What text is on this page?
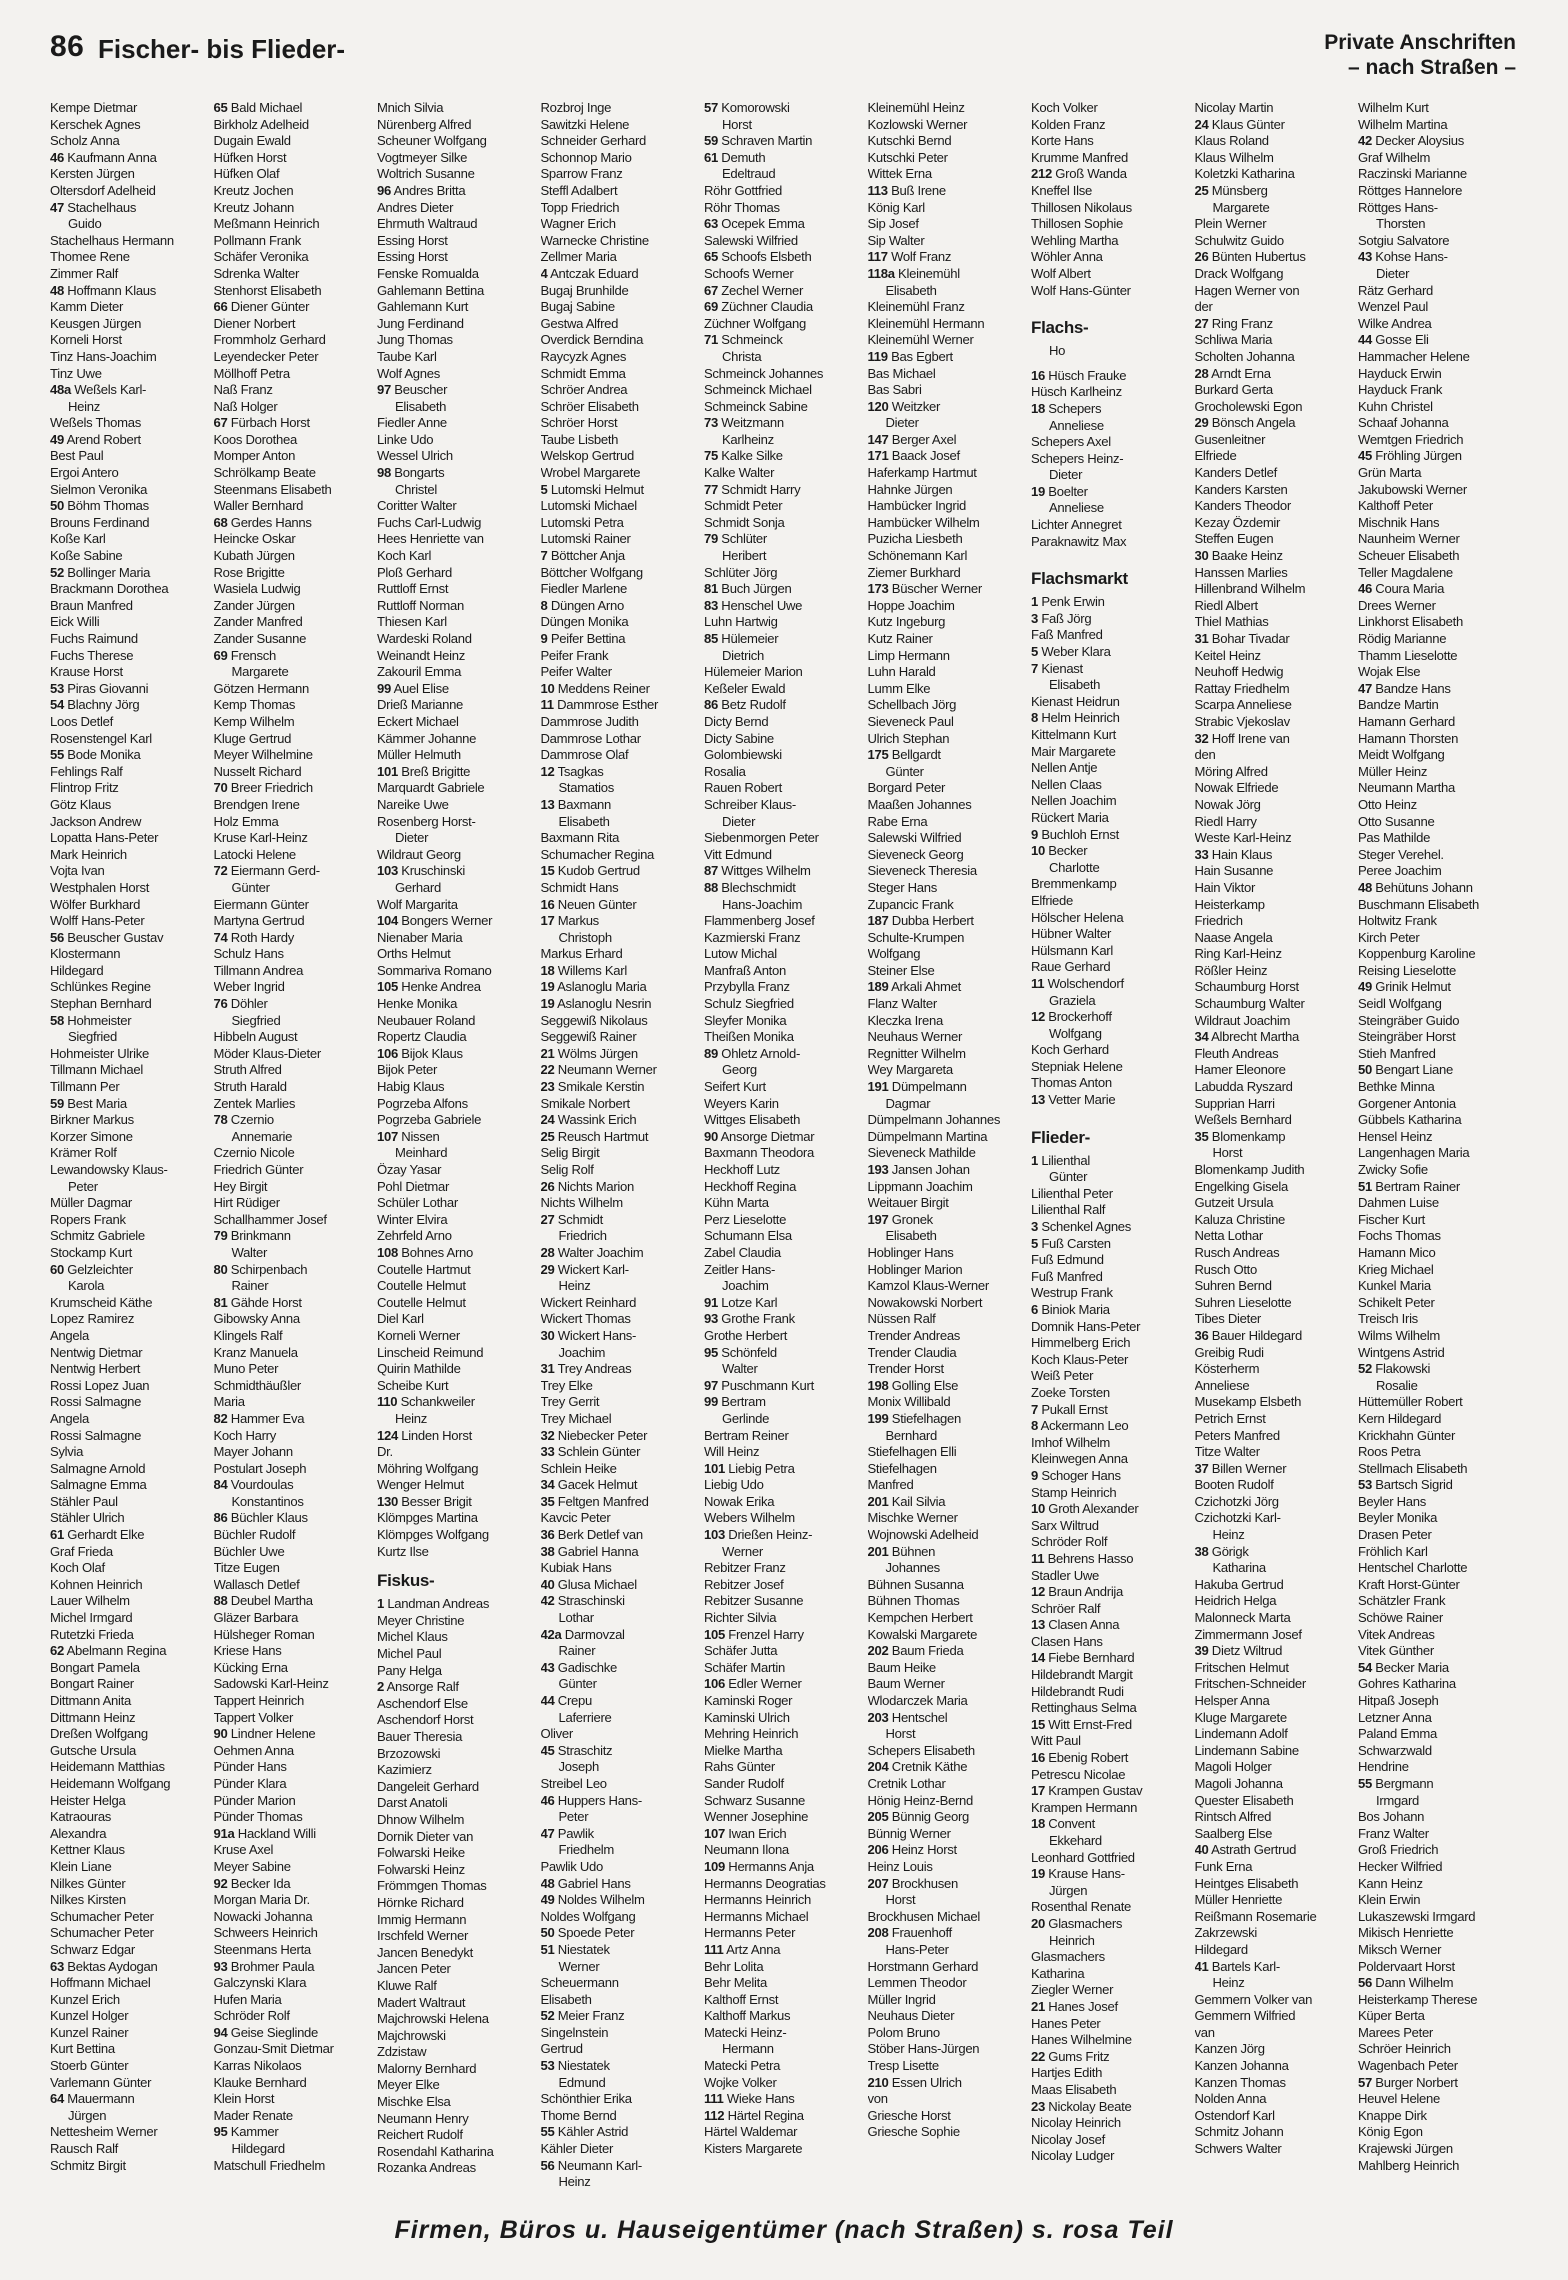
86 Fischer- bis Flieder-	Private Anschriften
– nach Straßen –
Kempe Dietmar
Kerschek Agnes
Scholz Anna
46 Kaufmann Anna
Kersten Jürgen
Oltersdorf Adelheid
47 Stachelhaus
Guido
Stachelhaus Hermann
Thomee Rene
Zimmer Ralf
48 Hoffmann Klaus
Kamm Dieter
Keusgen Jürgen
Korneli Horst
Tinz Hans-Joachim
Tinz Uwe
48a Weßels Karl-
Heinz
Weßels Thomas
49 Arend Robert
Best Paul
Ergoi Antero
Sielmon Veronika
50 Böhm Thomas
Brouns Ferdinand
Koße Karl
Koße Sabine
52 Bollinger Maria
Brackmann Dorothea
Braun Manfred
Eick Willi
Fuchs Raimund
Fuchs Therese
Krause Horst
53 Piras Giovanni
54 Blachny Jörg
Loos Detlef
Rosenstengel Karl
55 Bode Monika
Fehlings Ralf
Flintrop Fritz
Götz Klaus
Jackson Andrew
Lopatta Hans-Peter
Mark Heinrich
Vojta Ivan
Westphalen Horst
Wölfer Burkhard
Wolff Hans-Peter
56 Beuscher Gustav
Klostermann
Hildegard
Schlünkes Regine
Stephan Bernhard
58 Hohmeister
Siegfried
Hohmeister Ulrike
Tillmann Michael
Tillmann Per
59 Best Maria
Birkner Markus
Korzer Simone
Krämer Rolf
Lewandowsky Klaus-
Peter
Müller Dagmar
Ropers Frank
Schmitz Gabriele
Stockamp Kurt
60 Gelzleichter
Karola
Krumscheid Käthe
Lopez Ramirez
Angela
Nentwig Dietmar
Nentwig Herbert
Rossi Lopez Juan
Rossi Salmagne
Angela
Rossi Salmagne
Sylvia
Salmagne Arnold
Salmagne Emma
Stähler Paul
Stähler Ulrich
61 Gerhardt Elke
Graf Frieda
Koch Olaf
Kohnen Heinrich
Lauer Wilhelm
Michel Irmgard
Rutetzki Frieda
62 Abelmann Regina
Bongart Pamela
Bongart Rainer
Dittmann Anita
Dittmann Heinz
Dreßen Wolfgang
Gutsche Ursula
Heidemann Matthias
Heidemann Wolfgang
Heister Helga
Katraouras
Alexandra
Kettner Klaus
Klein Liane
Nilkes Günter
Nilkes Kirsten
Schumacher Peter
Schumacher Peter
Schwarz Edgar
63 Bektas Aydogan
Hoffmann Michael
Kunzel Erich
Kunzel Holger
Kunzel Rainer
Kurt Bettina
Stoerb Günter
Varlemann Günter
64 Mauermann
Jürgen
Nettesheim Werner
Rausch Ralf
Schmitz Birgit
65 Bald Michael
Birkholz Adelheid
Dugain Ewald
Hüfken Horst
Hüfken Olaf
Kreutz Jochen
Kreutz Johann
Meßmann Heinrich
Pollmann Frank
Schäfer Veronika
Sdrenka Walter
Stenhorst Elisabeth
66 Diener Günter
Diener Norbert
Frommholz Gerhard
Leyendecker Peter
Möllhoff Petra
Naß Franz
Naß Holger
67 Fürbach Horst
Koos Dorothea
Momper Anton
Schrölkamp Beate
Steenmans Elisabeth
Waller Bernhard
68 Gerdes Hanns
Heincke Oskar
Kubath Jürgen
Rose Brigitte
Wasiela Ludwig
Zander Jürgen
Zander Manfred
Zander Susanne
69 Frensch
Margarete
Götzen Hermann
Kemp Thomas
Kemp Wilhelm
Kluge Gertrud
Meyer Wilhelmine
Nusselt Richard
70 Breer Friedrich
Brendgen Irene
Holz Emma
Kruse Karl-Heinz
Latocki Helene
72 Eiermann Gerd-
Günter
Eiermann Günter
Martyna Gertrud
74 Roth Hardy
Schulz Hans
Tillmann Andrea
Weber Ingrid
76 Döhler
Siegfried
Hibbeln August
Möder Klaus-Dieter
Struth Alfred
Struth Harald
Zentek Marlies
78 Czernio
Annemarie
Czernio Nicole
Friedrich Günter
Hey Birgit
Hirt Rüdiger
Schallhammer Josef
79 Brinkmann
Walter
80 Schirpenbach
Rainer
81 Gähde Horst
Gibowsky Anna
Klingels Ralf
Kranz Manuela
Muno Peter
Schmidthäußler
Maria
82 Hammer Eva
Koch Harry
Mayer Johann
Postulart Joseph
84 Vourdoulas
Konstantinos
86 Büchler Klaus
Büchler Rudolf
Büchler Uwe
Titze Eugen
Wallasch Detlef
88 Deubel Martha
Gläzer Barbara
Hülsheger Roman
Kriese Hans
Kücking Erna
Sadowski Karl-Heinz
Tappert Heinrich
Tappert Volker
90 Lindner Helene
Oehmen Anna
Pünder Hans
Pünder Klara
Pünder Marion
Pünder Thomas
91a Hackland Willi
Kruse Axel
Meyer Sabine
92 Becker Ida
Morgan Maria Dr.
Nowacki Johanna
Schweers Heinrich
Steenmans Herta
93 Brohmer Paula
Galczynski Klara
Hufen Maria
Schröder Rolf
94 Geise Sieglinde
Gonzau-Smit Dietmar
Karras Nikolaos
Klauke Bernhard
Klein Horst
Mader Renate
95 Kammer
Hildegard
Matschull Friedhelm
Mnich Silvia
Nürenberg Alfred
Scheuner Wolfgang
Vogtmeyer Silke
Woltrich Susanne
96 Andres Britta
Andres Dieter
Ehrmuth Waltraud
Essing Horst
Essing Horst
Fenske Romualda
Gahlemann Bettina
Gahlemann Kurt
Jung Ferdinand
Jung Thomas
Taube Karl
Wolf Agnes
97 Beuscher
Elisabeth
Fiedler Anne
Linke Udo
Wessel Ulrich
98 Bongarts
Christel
Coritter Walter
Fuchs Carl-Ludwig
Hees Henriette van
Koch Karl
Ploß Gerhard
Ruttloff Ernst
Ruttloff Norman
Thiesen Karl
Wardeski Roland
Weinandt Heinz
Zakouril Emma
99 Auel Elise
Drieß Marianne
Eckert Michael
Kämmer Johanne
Müller Helmuth
101 Breß Brigitte
Marquardt Gabriele
Nareike Uwe
Rosenberg Horst-
Dieter
Wildraut Georg
103 Kruschinski
Gerhard
Wolf Margarita
104 Bongers Werner
Nienaber Maria
Orths Helmut
Sommariva Romano
105 Henke Andrea
Henke Monika
Neubauer Roland
Ropertz Claudia
106 Bijok Klaus
Bijok Peter
Habig Klaus
Pogrzeba Alfons
Pogrzeba Gabriele
107 Nissen
Meinhard
Özay Yasar
Pohl Dietmar
Schüler Lothar
Winter Elvira
Zehrfeld Arno
108 Bohnes Arno
Coutelle Hartmut
Coutelle Helmut
Coutelle Helmut
Diel Karl
Korneli Werner
Linscheid Reimund
Quirin Mathilde
Scheibe Kurt
110 Schankweiler
Heinz
124 Linden Horst
Dr.
Möhring Wolfgang
Wenger Helmut
130 Besser Brigit
Klömpges Martina
Klömpges Wolfgang
Kurtz Ilse
Fiskus-
1 Landman Andreas
Meyer Christine
Michel Klaus
Michel Paul
Pany Helga
2 Ansorge Ralf
Aschendorf Else
Aschendorf Horst
Bauer Theresia
Brzozowski
Kazimierz
Dangeleit Gerhard
Darst Anatoli
Dhnow Wilhelm
Dornik Dieter van
Folwarski Heike
Folwarski Heinz
Frömmgen Thomas
Hörnke Richard
Immig Hermann
Irschfeld Werner
Jancen Benedykt
Jancen Peter
Kluwe Ralf
Madert Waltraut
Majchrowski Helena
Majchrowski
Zdzistaw
Malorny Bernhard
Meyer Elke
Mischke Elsa
Neumann Henry
Reichert Rudolf
Rosendahl Katharina
Rozanka Andreas
Rozbroj Inge
Sawitzki Helene
Schneider Gerhard
Schonnop Mario
Sparrow Franz
Steffl Adalbert
Topp Friedrich
Wagner Erich
Warnecke Christine
Zellmer Maria
4 Antczak Eduard
Bugaj Brunhilde
Bugaj Sabine
Gestwa Alfred
Overdick Berndina
Raycyzk Agnes
Schmidt Emma
Schröer Andrea
Schröer Elisabeth
Schröer Horst
Taube Lisbeth
Welskop Gertrud
Wrobel Margarete
5 Lutomski Helmut
Lutomski Michael
Lutomski Petra
Lutomski Rainer
7 Böttcher Anja
Böttcher Wolfgang
Fiedler Marlene
8 Düngen Arno
Düngen Monika
9 Peifer Bettina
Peifer Frank
Peifer Walter
10 Meddens Reiner
11 Dammrose Esther
Dammrose Judith
Dammrose Lothar
Dammrose Olaf
12 Tsagkas
Stamatios
13 Baxmann
Elisabeth
Baxmann Rita
Schumacher Regina
15 Kudob Gertrud
Schmidt Hans
16 Neuen Günter
17 Markus
Christoph
Markus Erhard
18 Willems Karl
19 Aslanoglu Maria
19 Aslanoglu Nesrin
Seggewiß Nikolaus
Seggewiß Rainer
21 Wölms Jürgen
22 Neumann Werner
23 Smikale Kerstin
Smikale Norbert
24 Wassink Erich
25 Reusch Hartmut
Selig Birgit
Selig Rolf
26 Nichts Marion
Nichts Wilhelm
27 Schmidt
Friedrich
28 Walter Joachim
29 Wickert Karl-
Heinz
Wickert Reinhard
Wickert Thomas
30 Wickert Hans-
Joachim
31 Trey Andreas
Trey Elke
Trey Gerrit
Trey Michael
32 Niebecker Peter
33 Schlein Günter
Schlein Heike
34 Gacek Helmut
35 Feltgen Manfred
Kavcic Peter
36 Berk Detlef van
38 Gabriel Hanna
Kubiak Hans
40 Glusa Michael
42 Straschinski
Lothar
42a Darmovzal
Rainer
43 Gadischke
Günter
44 Crepu
Laferriere
Oliver
45 Straschitz
Joseph
Streibel Leo
46 Huppers Hans-
Peter
47 Pawlik
Friedhelm
Pawlik Udo
48 Gabriel Hans
49 Noldes Wilhelm
Noldes Wolfgang
50 Spoede Peter
51 Niestatek
Werner
Scheuermann
Elisabeth
52 Meier Franz
Singelnstein
Gertrud
53 Niestatek
Edmund
Schönthier Erika
Thome Bernd
55 Kähler Astrid
Kähler Dieter
56 Neumann Karl-
Heinz
57 Komorowski
Horst
59 Schraven Martin
61 Demuth
Edeltraud
Röhr Gottfried
Röhr Thomas
63 Ocepek Emma
Salewski Wilfried
65 Schoofs Elsbeth
Schoofs Werner
67 Zechel Werner
69 Züchner Claudia
Züchner Wolfgang
71 Schmeinck
Christa
Schmeinck Johannes
Schmeinck Michael
Schmeinck Sabine
73 Weitzmann
Karlheinz
75 Kalke Silke
Kalke Walter
77 Schmidt Harry
Schmidt Peter
Schmidt Sonja
79 Schlüter
Heribert
Schlüter Jörg
81 Buch Jürgen
83 Henschel Uwe
Luhn Hartwig
85 Hülemeier
Dietrich
Hülemeier Marion
Keßeler Ewald
86 Betz Rudolf
Dicty Bernd
Dicty Sabine
Golombiewski
Rosalia
Rauen Robert
Schreiber Klaus-
Dieter
Siebenmorgen Peter
Vitt Edmund
87 Wittges Wilhelm
88 Blechschmidt
Hans-Joachim
Flammenberg Josef
Kazmierski Franz
Lutow Michal
Manfraß Anton
Przybylla Franz
Schulz Siegfried
Sleyfer Monika
Theißen Monika
89 Ohletz Arnold-
Georg
Seifert Kurt
Weyers Karin
Wittges Elisabeth
90 Ansorge Dietmar
Baxmann Theodora
Heckhoff Lutz
Heckhoff Regina
Kühn Marta
Perz Lieselotte
Schumann Elsa
Zabel Claudia
Zeitler Hans-
Joachim
91 Lotze Karl
93 Grothe Frank
Grothe Herbert
95 Schönfeld
Walter
97 Puschmann Kurt
99 Bertram
Gerlinde
Bertram Reiner
Will Heinz
101 Liebig Petra
Liebig Udo
Nowak Erika
Webers Wilhelm
103 Drießen Heinz-
Werner
Rebitzer Franz
Rebitzer Josef
Rebitzer Susanne
Richter Silvia
105 Frenzel Harry
Schäfer Jutta
Schäfer Martin
106 Edler Werner
Kaminski Roger
Kaminski Ulrich
Mehring Heinrich
Mielke Martha
Rahs Günter
Sander Rudolf
Schwarz Susanne
Wenner Josephine
107 Iwan Erich
Neumann Ilona
109 Hermanns Anja
Hermanns Deogratias
Hermanns Heinrich
Hermanns Michael
Hermanns Peter
111 Artz Anna
Behr Lolita
Behr Melita
Kalthoff Ernst
Kalthoff Markus
Matecki Heinz-
Hermann
Matecki Petra
Wojke Volker
111 Wieke Hans
112 Härtel Regina
Härtel Waldemar
Kisters Margarete
Kleinemühl Heinz
Kozlowski Werner
Kutschki Bernd
Kutschki Peter
Wittek Erna
113 Buß Irene
König Karl
Sip Josef
Sip Walter
117 Wolf Franz
118a Kleinemühl
Elisabeth
Kleinemühl Franz
Kleinemühl Hermann
Kleinemühl Werner
119 Bas Egbert
Bas Michael
Bas Sabri
120 Weitzker
Dieter
147 Berger Axel
171 Baack Josef
Haferkamp Hartmut
Hahnke Jürgen
Hambücker Ingrid
Hambücker Wilhelm
Puzicha Liesbeth
Schönemann Karl
Ziemer Burkhard
173 Büscher Werner
Hoppe Joachim
Kutz Ingeburg
Kutz Rainer
Limp Hermann
Luhn Harald
Lumm Elke
Schellbach Jörg
Sieveneck Paul
Ulrich Stephan
175 Bellgardt
Günter
Borgard Peter
Maaßen Johannes
Rabe Erna
Salewski Wilfried
Sieveneck Georg
Sieveneck Theresia
Steger Hans
Zupancic Frank
187 Dubba Herbert
Schulte-Krumpen
Wolfgang
Steiner Else
189 Arkali Ahmet
Flanz Walter
Kleczka Irena
Neuhaus Werner
Regnitter Wilhelm
Wey Margareta
191 Dümpelmann
Dagmar
Dümpelmann Johannes
Dümpelmann Martina
Sieveneck Mathilde
193 Jansen Johan
Lippmann Joachim
Weitauer Birgit
197 Gronek
Elisabeth
Hoblinger Hans
Hoblinger Marion
Kamzol Klaus-Werner
Nowakowski Norbert
Nüssen Ralf
Trender Andreas
Trender Claudia
Trender Horst
198 Golling Else
Monix Willibald
199 Stiefelhagen
Bernhard
Stiefelhagen Elli
Stiefelhagen
Manfred
201 Kail Silvia
Mischke Werner
Wojnowski Adelheid
201 Bühnen
Johannes
Bühnen Susanna
Bühnen Thomas
Kempchen Herbert
Kowalski Margarete
202 Baum Frieda
Baum Heike
Baum Werner
Wlodarczek Maria
203 Hentschel
Horst
Schepers Elisabeth
204 Cretnik Käthe
Cretnik Lothar
Hönig Heinz-Bernd
205 Bünnig Georg
Bünnig Werner
206 Heinz Horst
Heinz Louis
207 Brockhusen
Horst
Brockhusen Michael
208 Frauenhoff
Hans-Peter
Horstmann Gerhard
Lemmen Theodor
Müller Ingrid
Neuhaus Dieter
Polom Bruno
Stöber Hans-Jürgen
Tresp Lisette
210 Essen Ulrich
von
Griesche Horst
Griesche Sophie
Koch Volker
Kolden Franz
Korte Hans
Krumme Manfred
212 Groß Wanda
Kneffel Ilse
Thillosen Nikolaus
Thillosen Sophie
Wehling Martha
Wöhler Anna
Wolf Albert
Wolf Hans-Günter
Flachs-
Ho
16 Hüsch Frauke
Hüsch Karlheinz
18 Schepers
Anneliese
Schepers Axel
Schepers Heinz-
Dieter
19 Boelter
Anneliese
Lichter Annegret
Paraknawitz Max
Flachsmarkt
1 Penk Erwin
3 Faß Jörg
Faß Manfred
5 Weber Klara
7 Kienast
Elisabeth
Kienast Heidrun
8 Helm Heinrich
Kittelmann Kurt
Mair Margarete
Nellen Antje
Nellen Claas
Nellen Joachim
Rückert Maria
9 Buchloh Ernst
10 Becker
Charlotte
Bremmenkamp
Elfriede
Hölscher Helena
Hübner Walter
Hülsmann Karl
Raue Gerhard
11 Wolschendorf
Graziela
12 Brockerhoff
Wolfgang
Koch Gerhard
Stepniak Helene
Thomas Anton
13 Vetter Marie
Flieder-
1 Lilienthal
Günter
Lilienthal Peter
Lilienthal Ralf
3 Schenkel Agnes
5 Fuß Carsten
Fuß Edmund
Fuß Manfred
Westrup Frank
6 Biniok Maria
Domnik Hans-Peter
Himmelberg Erich
Koch Klaus-Peter
Weiß Peter
Zoeke Torsten
7 Pukall Ernst
8 Ackermann Leo
Imhof Wilhelm
Kleinwegen Anna
9 Schoger Hans
Stamp Heinrich
10 Groth Alexander
Sarx Wiltrud
Schröder Rolf
11 Behrens Hasso
Stadler Uwe
12 Braun Andrija
Schröer Ralf
13 Clasen Anna
Clasen Hans
14 Fiebe Bernhard
Hildebrandt Margit
Hildebrandt Rudi
Rettinghaus Selma
15 Witt Ernst-Fred
Witt Paul
16 Ebenig Robert
Petrescu Nicolae
17 Krampen Gustav
Krampen Hermann
18 Convent
Ekkehard
Leonhard Gottfried
19 Krause Hans-
Jürgen
Rosenthal Renate
20 Glasmachers
Heinrich
Glasmachers
Katharina
Ziegler Werner
21 Hanes Josef
Hanes Peter
Hanes Wilhelmine
22 Gums Fritz
Hartjes Edith
Maas Elisabeth
23 Nickolay Beate
Nicolay Heinrich
Nicolay Josef
Nicolay Ludger
Nicolay Martin
24 Klaus Günter
Klaus Roland
Klaus Wilhelm
Koletzki Katharina
25 Münsberg
Margarete
Plein Werner
Schulwitz Guido
26 Bünten Hubertus
Drack Wolfgang
Hagen Werner von
der
27 Ring Franz
Schliwa Maria
Scholten Johanna
28 Arndt Erna
Burkard Gerta
Grocholewski Egon
29 Bönsch Angela
Gusenleitner
Elfriede
Kanders Detlef
Kanders Karsten
Kanders Theodor
Kezay Özdemir
Steffen Eugen
30 Baake Heinz
Hanssen Marlies
Hillenbrand Wilhelm
Riedl Albert
Thiel Mathias
31 Bohar Tivadar
Keitel Heinz
Neuhoff Hedwig
Rattay Friedhelm
Scarpa Anneliese
Strabic Vjekoslav
32 Hoff Irene van
den
Möring Alfred
Nowak Elfriede
Nowak Jörg
Riedl Harry
Weste Karl-Heinz
33 Hain Klaus
Hain Susanne
Hain Viktor
Heisterkamp
Friedrich
Naase Angela
Ring Karl-Heinz
Rößler Heinz
Schaumburg Horst
Schaumburg Walter
Wildraut Joachim
34 Albrecht Martha
Fleuth Andreas
Hamer Eleonore
Labuddа Ryszard
Supprian Harri
Weßels Bernhard
35 Blomenkamp
Horst
Blomenkamp Judith
Engelking Gisela
Gutzeit Ursula
Kaluza Christine
Netta Lothar
Rusch Andreas
Rusch Otto
Suhren Bernd
Suhren Lieselotte
Tibes Dieter
36 Bauer Hildegard
Greibig Rudi
Kösterherm
Anneliese
Musekamp Elsbeth
Petrich Ernst
Peters Manfred
Titze Walter
37 Billen Werner
Booten Rudolf
Czichotzki Jörg
Czichotzki Karl-
Heinz
38 Görigk
Katharina
Hakuba Gertrud
Heidrich Helga
Malonneck Marta
Zimmermann Josef
39 Dietz Wiltrud
Fritschen Helmut
Fritschen-Schneider
Helsper Anna
Kluge Margarete
Lindemann Adolf
Lindemann Sabine
Magoli Holger
Magoli Johanna
Quester Elisabeth
Rintsch Alfred
Saalberg Else
40 Astrath Gertrud
Funk Erna
Heintges Elisabeth
Müller Henriette
Reißmann Rosemarie
Zakrzewski
Hildegard
41 Bartels Karl-
Heinz
Gemmern Volker van
Gemmern Wilfried
van
Kanzen Jörg
Kanzen Johanna
Kanzen Thomas
Nolden Anna
Ostendorf Karl
Schmitz Johann
Schwers Walter
Wilhelm Kurt
Wilhelm Martina
42 Decker Aloysius
Graf Wilhelm
Raczinski Marianne
Röttges Hannelore
Röttges Hans-
Thorsten
Sotgiu Salvatore
43 Kohse Hans-
Dieter
Rätz Gerhard
Wenzel Paul
Wilke Andrea
44 Gosse Eli
Hammacher Helene
Hayduck Erwin
Hayduck Frank
Kuhn Christel
Schaaf Johanna
Wemtgen Friedrich
45 Fröhling Jürgen
Grün Marta
Jakubowski Werner
Kalthoff Peter
Mischnik Hans
Naunheim Werner
Scheuer Elisabeth
Teller Magdalene
46 Coura Maria
Drees Werner
Linkhorst Elisabeth
Rödig Marianne
Thamm Lieselotte
Wojak Else
47 Bandze Hans
Bandze Martin
Hamann Gerhard
Hamann Thorsten
Meidt Wolfgang
Müller Heinz
Neumann Martha
Otto Heinz
Otto Susanne
Pas Mathilde
Steger Verehel.
Peree Joachim
48 Behütuns Johann
Buschmann Elisabeth
Holtwitz Frank
Kirch Peter
Koppenburg Karoline
Reising Lieselotte
49 Grinik Helmut
Seidl Wolfgang
Steingräber Guido
Steingräber Horst
Stieh Manfred
50 Bengart Liane
Bethke Minna
Gorgener Antonia
Gübbels Katharina
Hensel Heinz
Langenhagen Maria
Zwicky Sofie
51 Bertram Rainer
Dahmen Luise
Fischer Kurt
Fochs Thomas
Hamann Mico
Krieg Michael
Kunkel Maria
Schikelt Peter
Treisch Iris
Wilms Wilhelm
Wintgens Astrid
52 Flakowski
Rosalie
Hüttemüller Robert
Kern Hildegard
Krickhahn Günter
Roos Petra
Stellmach Elisabeth
53 Bartsch Sigrid
Beyler Hans
Beyler Monika
Drasen Peter
Fröhlich Karl
Hentschel Charlotte
Kraft Horst-Günter
Schätzler Frank
Schöwe Rainer
Vitek Andreas
Vitek Günther
54 Becker Maria
Gohres Katharina
Hitpaß Joseph
Letzner Anna
Paland Emma
Schwarzwald
Hendrine
55 Bergmann
Irmgard
Bos Johann
Franz Walter
Groß Friedrich
Hecker Wilfried
Kann Heinz
Klein Erwin
Lukaszewski Irmgard
Mikisch Henriette
Miksch Werner
Poldervaart Horst
56 Dann Wilhelm
Heisterkamp Therese
Küper Berta
Marees Peter
Schröer Heinrich
Wagenbach Peter
57 Burger Norbert
Heuvel Helene
Knappe Dirk
König Egon
Krajewski Jürgen
Mahlberg Heinrich
Firmen, Büros u. Hauseigentümer (nach Straßen) s. rosa Teil
